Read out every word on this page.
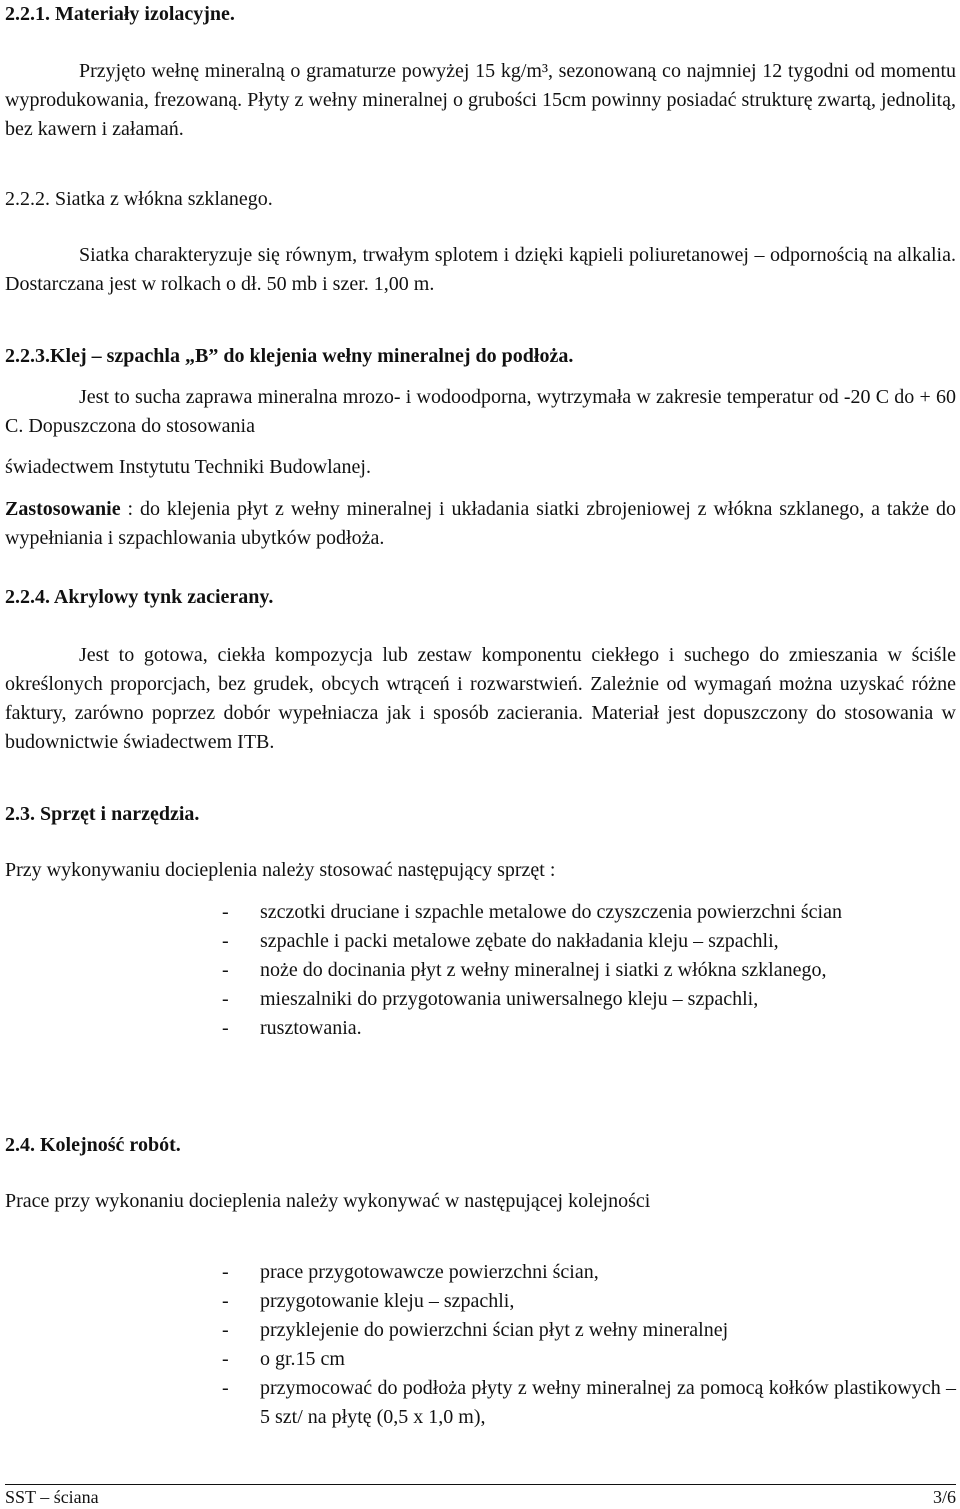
2.2.1. Materiały izolacyjne.

Przyjęto wełnę mineralną o gramaturze powyżej 15 kg/m³, sezonowaną co najmniej 12 tygodni od momentu wyprodukowania, frezowaną. Płyty z wełny mineralnej o grubości 15cm powinny posiadać strukturę zwartą, jednolitą, bez kawern i załamań.

2.2.2. Siatka z włókna szklanego.

Siatka charakteryzuje się równym, trwałym splotem i dzięki kąpieli poliuretanowej – odpornością na alkalia. Dostarczana jest w rolkach o dł. 50 mb i szer. 1,00 m.

2.2.3.Klej – szpachla „B” do klejenia wełny mineralnej do podłoża.

Jest to sucha zaprawa mineralna mrozo- i wodoodporna, wytrzymała w zakresie temperatur od -20 C do + 60 C. Dopuszczona do stosowania

świadectwem Instytutu Techniki Budowlanej.

Zastosowanie : do klejenia płyt z wełny mineralnej i układania siatki zbrojeniowej z włókna szklanego, a także do wypełniania i szpachlowania ubytków podłoża.

2.2.4. Akrylowy tynk zacierany.

Jest to gotowa, ciekła kompozycja lub zestaw komponentu ciekłego i suchego do zmieszania w ściśle określonych proporcjach, bez grudek, obcych wtrąceń i rozwarstwień. Zależnie od wymagań można uzyskać różne faktury, zarówno poprzez dobór wypełniacza jak i sposób zacierania. Materiał jest dopuszczony do stosowania w budownictwie świadectwem ITB.

2.3. Sprzęt i narzędzia.

Przy wykonywaniu docieplenia należy stosować następujący sprzęt :

- szczotki druciane i szpachle metalowe do czyszczenia powierzchni ścian
- szpachle i packi metalowe zębate do nakładania kleju – szpachli,
- noże do docinania płyt z wełny mineralnej i siatki z włókna szklanego,
- mieszalniki do przygotowania uniwersalnego kleju – szpachli,
- rusztowania.

2.4. Kolejność robót.

Prace przy wykonaniu docieplenia należy wykonywać w następującej kolejności

- prace przygotowawcze powierzchni ścian,
- przygotowanie kleju – szpachli,
- przyklejenie do powierzchni ścian płyt z wełny mineralnej
- o gr.15 cm
- przymocować do podłoża płyty z wełny mineralnej za pomocą kołków plastikowych – 5 szt/ na płytę (0,5 x 1,0 m),
SST – ściana	3/6
